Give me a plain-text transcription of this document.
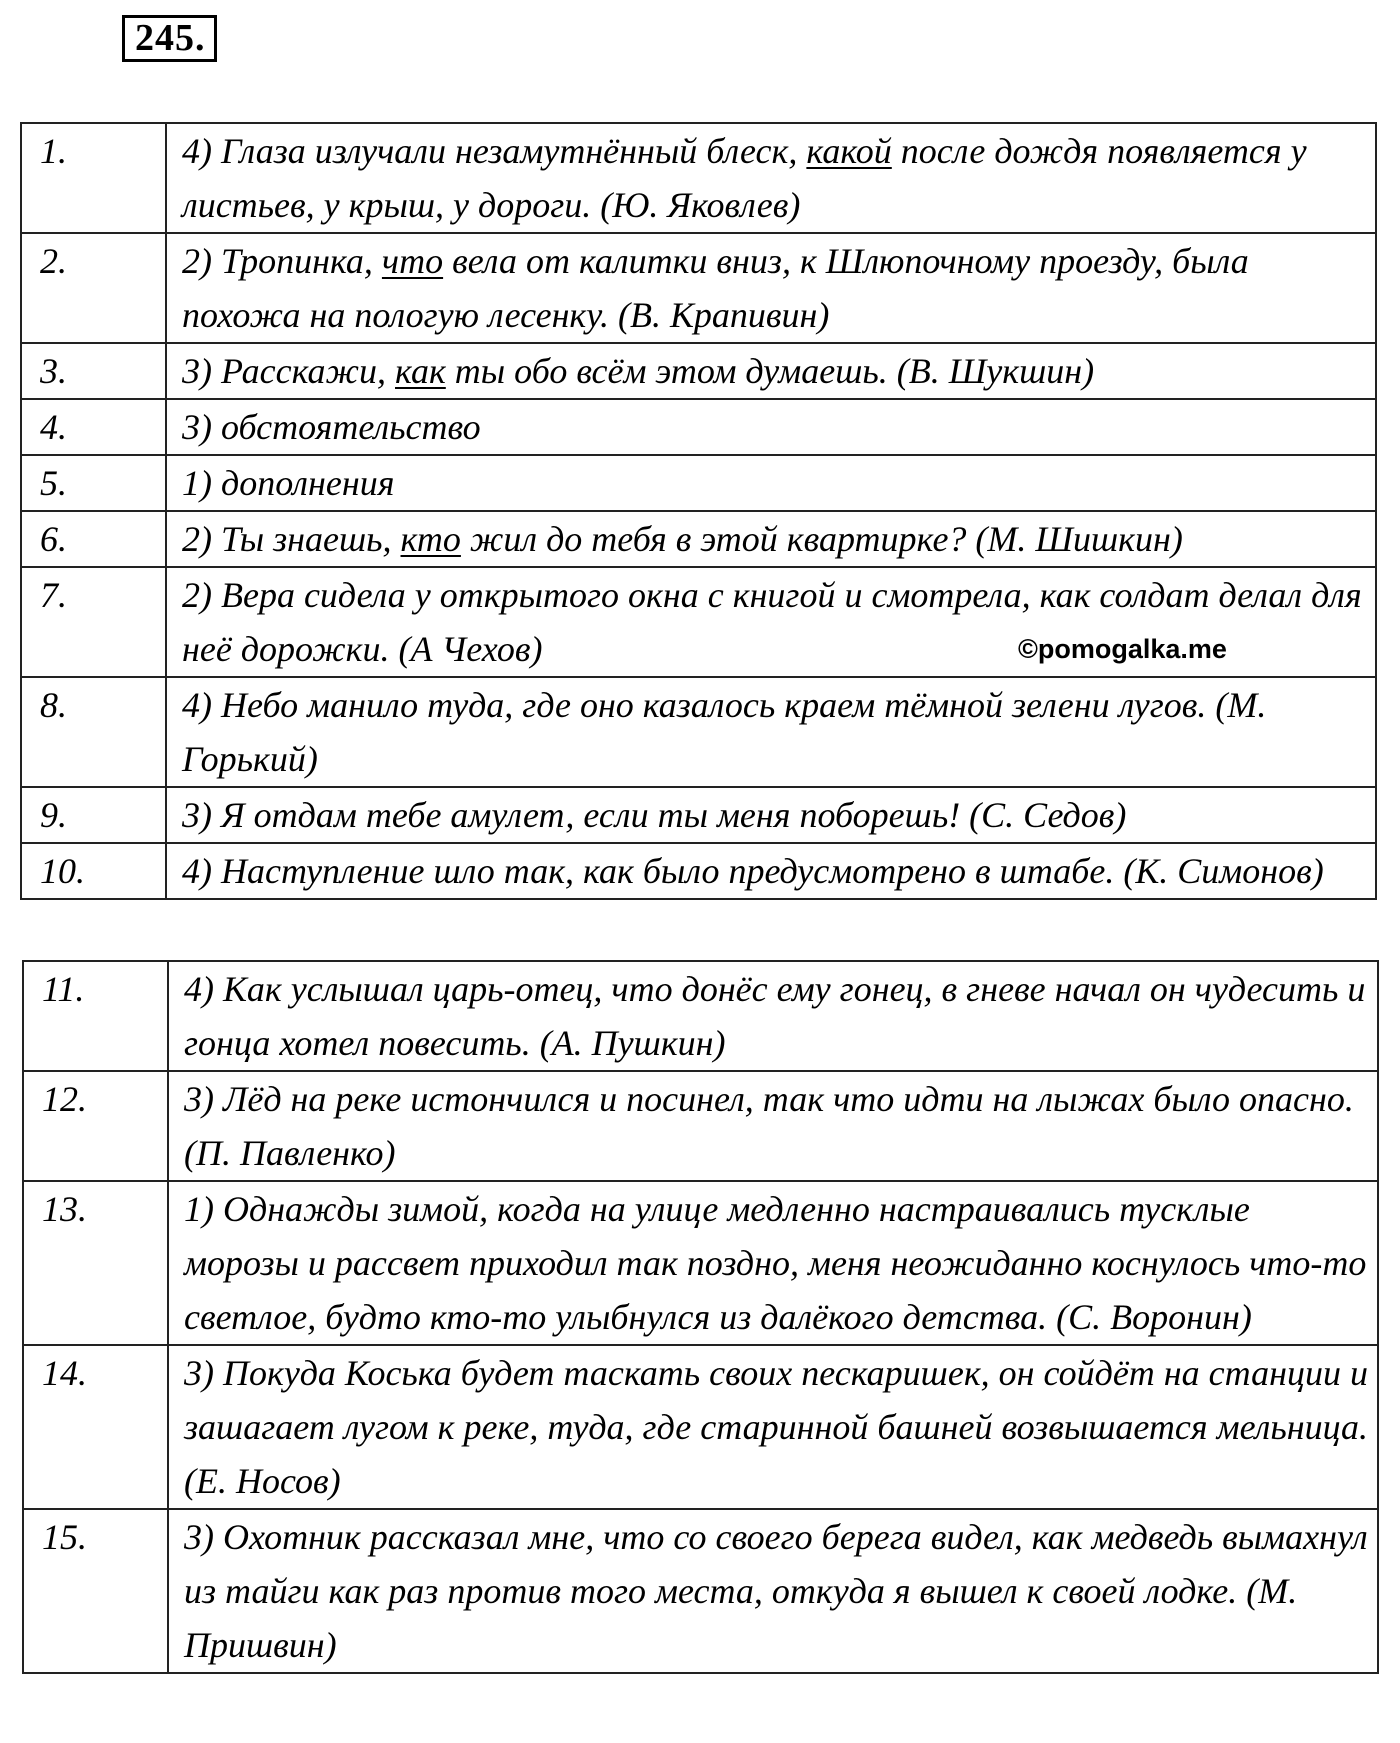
245.
1.	4) Глаза излучали незамутнённый блеск, какой после дождя появляется у листьев, у крыш, у дороги. (Ю. Яковлев)
2.	2) Тропинка, что вела от калитки вниз, к Шлюпочному проезду, была похожа на пологую лесенку. (В. Крапивин)
3.	3) Расскажи, как ты обо всём этом думаешь. (В. Шукшин)
4.	3) обстоятельство
5.	1) дополнения
6.	2) Ты знаешь, кто жил до тебя в этой квартирке? (М. Шишкин)
7.	2) Вера сидела у открытого окна с книгой и смотрела, как солдат делал для неё дорожки. (А Чехов)
8.	4) Небо манило туда, где оно казалось краем тёмной зелени лугов. (М. Горький)
9.	3) Я отдам тебе амулет, если ты меня поборешь! (С. Седов)
10.	4) Наступление шло так, как было предусмотрено в штабе. (К. Симонов)
11.	4) Как услышал царь-отец, что донёс ему гонец, в гневе начал он чудесить и гонца хотел повесить. (А. Пушкин)
12.	3) Лёд на реке истончился и посинел, так что идти на лыжах было опасно. (П. Павленко)
13.	1) Однажды зимой, когда на улице медленно настраивались тусклые морозы и рассвет приходил так поздно, меня неожиданно коснулось что-то светлое, будто кто-то улыбнулся из далёкого детства. (С. Воронин)
14.	3) Покуда Коська будет таскать своих пескаришек, он сойдёт на станции и зашагает лугом к реке, туда, где старинной башней возвышается мельница. (Е. Носов)
15.	3) Охотник рассказал мне, что со своего берега видел, как медведь вымахнул из тайги как раз против того места, откуда я вышел к своей лодке. (М. Пришвин)
©pomogalka.me
